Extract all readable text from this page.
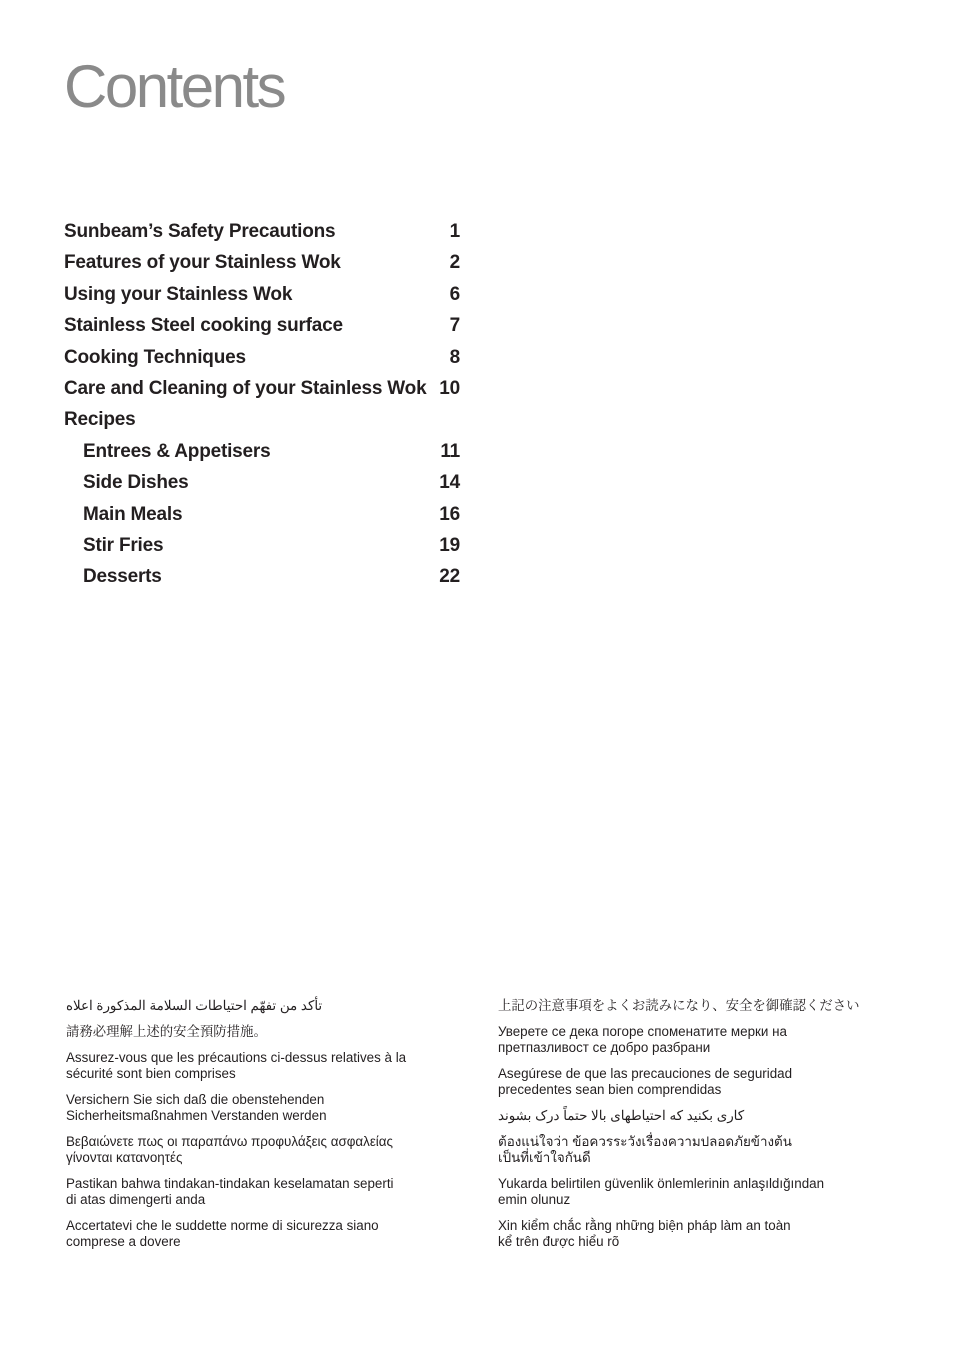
Contents
Sunbeam’s Safety Precautions	1
Features of your Stainless Wok	2
Using your Stainless Wok	6
Stainless Steel cooking surface	7
Cooking Techniques	8
Care and Cleaning of your Stainless Wok 10
Recipes
Entrees & Appetisers	11
Side Dishes	14
Main Meals	16
Stir Fries	19
Desserts	22
تأكد من تفهّم احتياطات السلامة المذكورة اعلاه
請務必理解上述的安全預防措施。
Assurez-vous que les précautions ci-dessus relatives à la
sécurité sont bien comprises
Versichern Sie sich daß die obenstehenden
Sicherheitsmaßnahmen Verstanden werden
Βεβαιώνετε πως οι παραπάνω προφυλάξεις ασφαλείας
γίνονται κατανοητές
Pastikan bahwa tindakan-tindakan keselamatan seperti
di atas dimengerti anda
Accertatevi che le suddette norme di sicurezza siano
comprese a dovere
上記の注意事項をよくお読みになり、安全を御確認ください
Уверете се дека погоре споменатите мерки на
претпазливост се добро разбрани
Asegúrese de que las precauciones de seguridad
precedentes sean bien comprendidas
کاری بکنید که احتیاطهای بالا حتماً درک بشوند
ต้องแน่ใจว่า ข้อควรระวังเรื่องความปลอดภัยข้างต้น
เป็นที่เข้าใจกันดี
Yukarda belirtilen güvenlik önlemlerinin anlaşıldığından
emin olunuz
Xin kiểm chắc rằng những biện pháp làm an toàn
kể trên được hiểu rõ
